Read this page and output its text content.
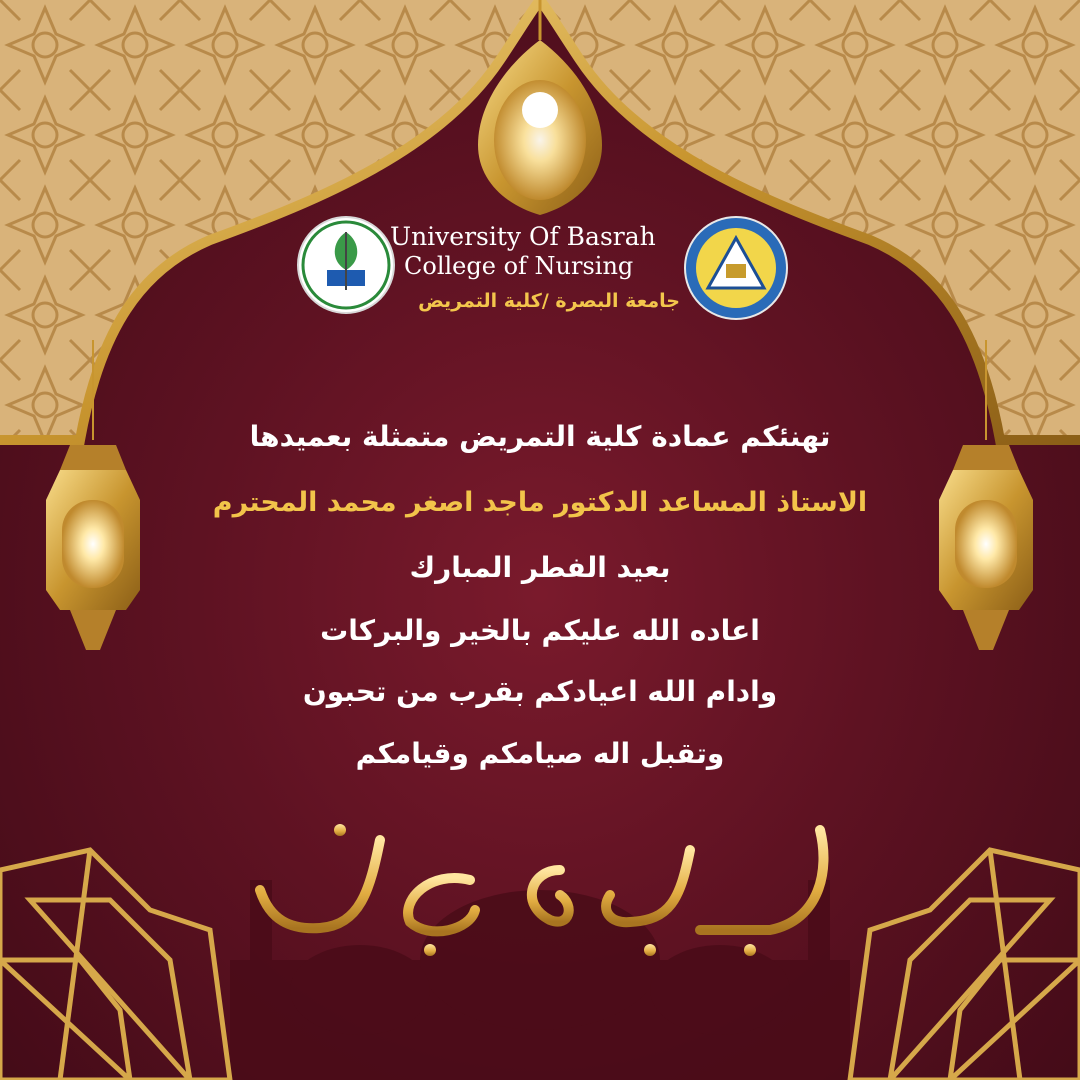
University Of Basrah

College of Nursing

جامعة البصرة /كلية التمريض

تهنئكم عمادة كلية التمريض متمثلة بعميدها

الاستاذ المساعد الدكتور ماجد اصغر محمد المحترم

بعيد الفطر المبارك

اعاده الله عليكم بالخير والبركات

وادام الله اعيادكم بقرب من تحبون

وتقبل اله صيامكم وقيامكم
